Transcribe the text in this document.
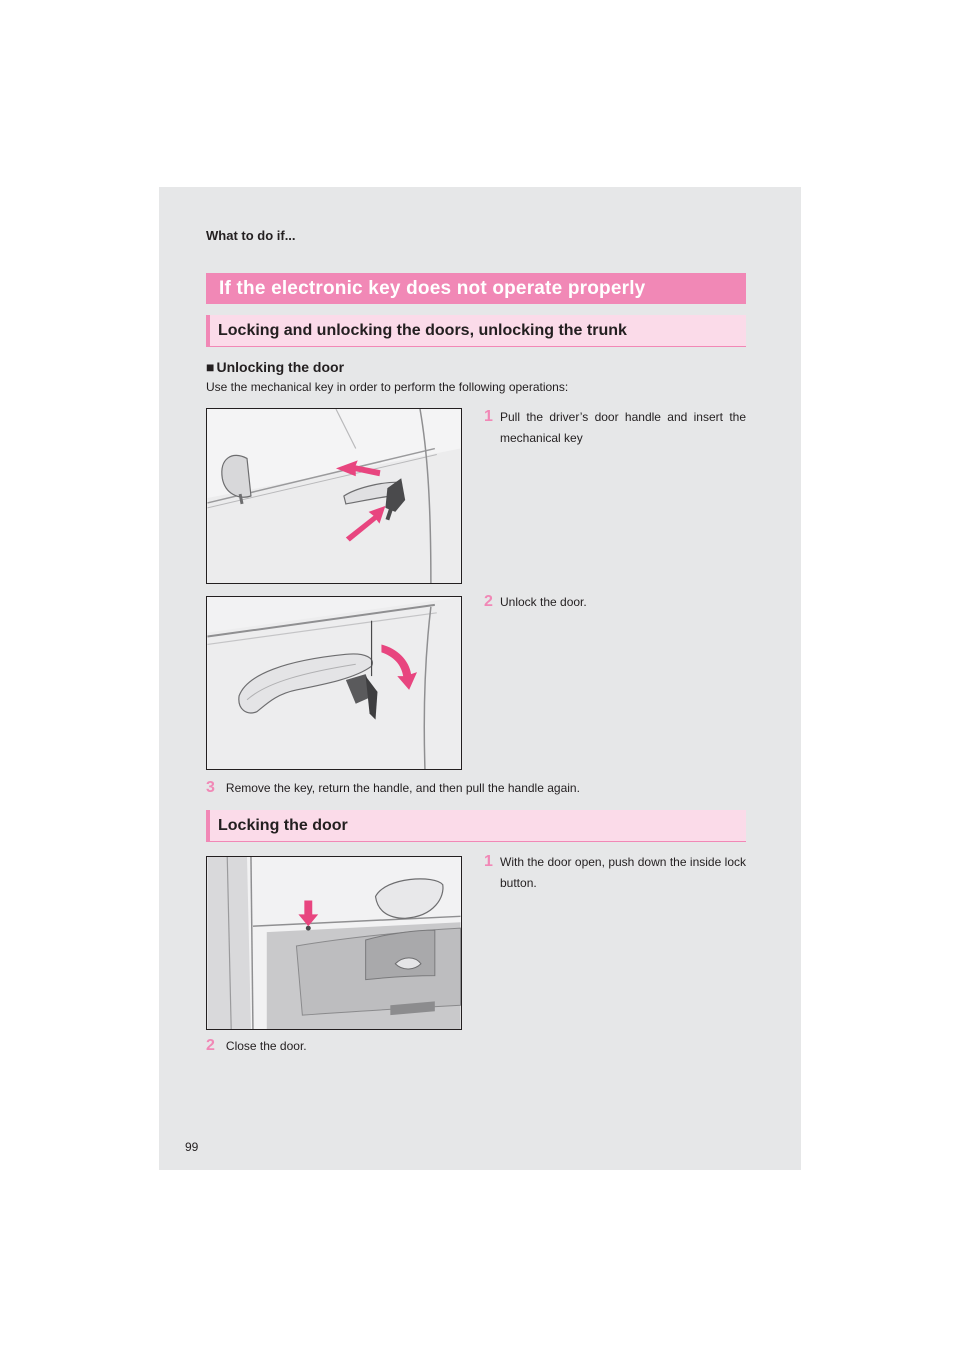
What to do if...
If the electronic key does not operate properly
Locking and unlocking the doors, unlocking the trunk
■ Unlocking the door
Use the mechanical key in order to perform the following operations:
1 Pull the driver’s door handle and insert the mechanical key
2 Unlock the door.
3 Remove the key, return the handle, and then pull the handle again.
Locking the door
1 With the door open, push down the inside lock button.
2 Close the door.
99
